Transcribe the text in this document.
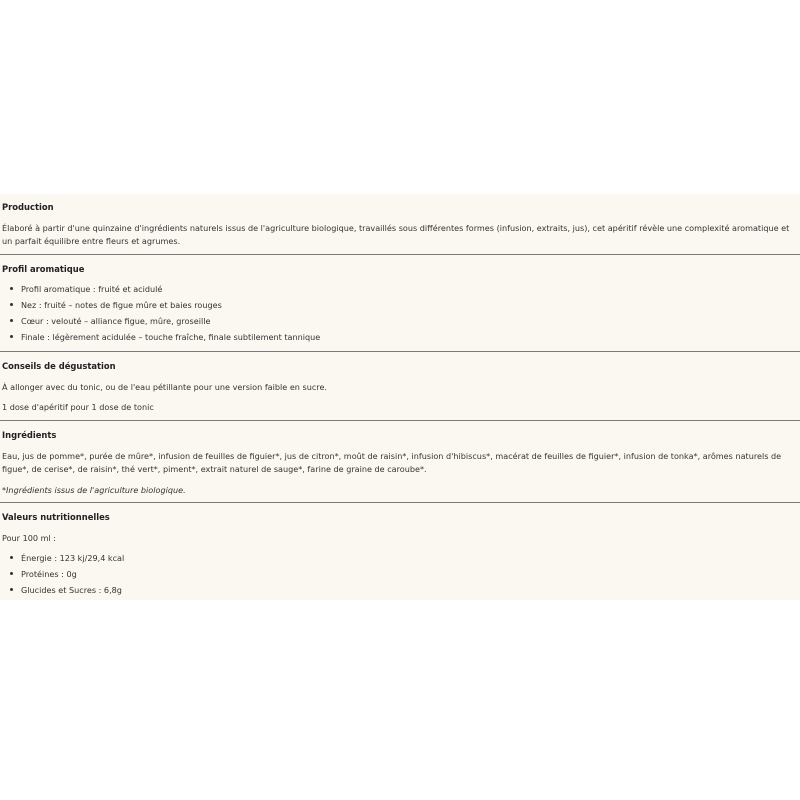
Production
Élaboré à partir d'une quinzaine d'ingrédients naturels issus de l'agriculture biologique, travaillés sous différentes formes (infusion, extraits, jus), cet apéritif révèle une complexité aromatique et un parfait équilibre entre fleurs et agrumes.
Profil aromatique
Profil aromatique : fruité et acidulé
Nez : fruité – notes de figue mûre et baies rouges
Cœur : velouté – alliance figue, mûre, groseille
Finale : légèrement acidulée – touche fraîche, finale subtilement tannique
Conseils de dégustation
À allonger avec du tonic, ou de l'eau pétillante pour une version faible en sucre.
1 dose d'apéritif pour 1 dose de tonic
Ingrédients
Eau, jus de pomme*, purée de mûre*, infusion de feuilles de figuier*, jus de citron*, moût de raisin*, infusion d'hibiscus*, macérat de feuilles de figuier*, infusion de tonka*, arômes naturels de figue*, de cerise*, de raisin*, thé vert*, piment*, extrait naturel de sauge*, farine de graine de caroube*.
*Ingrédients issus de l'agriculture biologique.
Valeurs nutritionnelles
Pour 100 ml :
Énergie : 123 kj/29,4 kcal
Protéines : 0g
Glucides et Sucres : 6,8g
